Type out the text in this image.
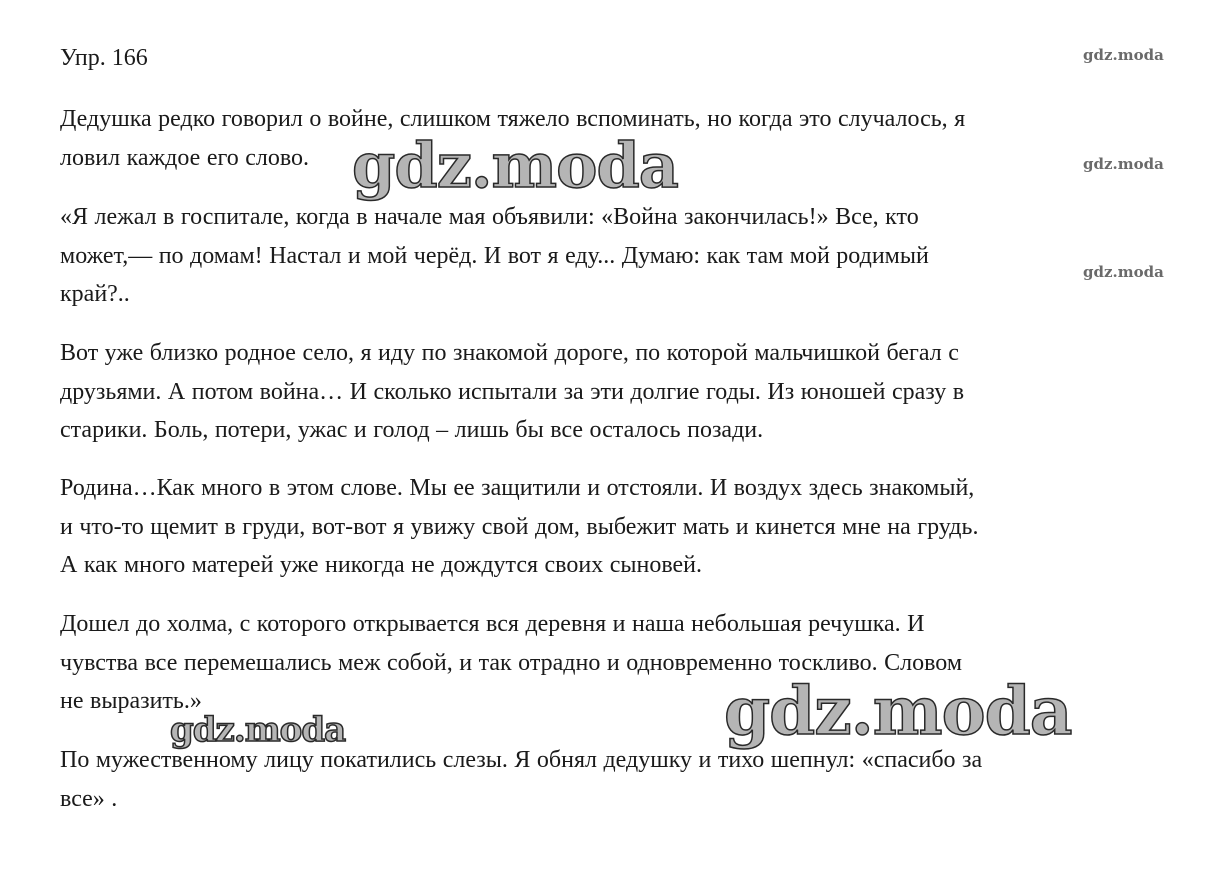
Упр. 166

Дедушка редко говорил о войне, слишком тяжело вспоминать, но когда это случалось, я
ловил каждое его слово.

«Я лежал в госпитале, когда в начале мая объявили: «Война закончилась!» Все, кто
может,— по домам! Настал и мой черёд. И вот я еду... Думаю: как там мой родимый
край?..

Вот уже близко родное село, я иду по знакомой дороге, по которой мальчишкой бегал с
друзьями. А потом война… И сколько испытали за эти долгие годы. Из юношей сразу в
старики. Боль, потери, ужас и голод – лишь бы все осталось позади.

Родина…Как много в этом слове. Мы ее защитили и отстояли. И воздух здесь знакомый,
и что-то щемит в груди, вот-вот я увижу свой дом, выбежит мать и кинется мне на грудь.
А как много матерей уже никогда не дождутся своих сыновей.

Дошел до холма, с которого открывается вся деревня и наша небольшая речушка. И
чувства все перемешались меж собой, и так отрадно и одновременно тоскливо. Словом
не выразить.»

По мужественному лицу покатились слезы. Я обнял дедушку и тихо шепнул: «спасибо за
все» .

gdz.moda
gdz.moda
gdz.moda
gdz.moda
gdz.moda	gdz.moda
